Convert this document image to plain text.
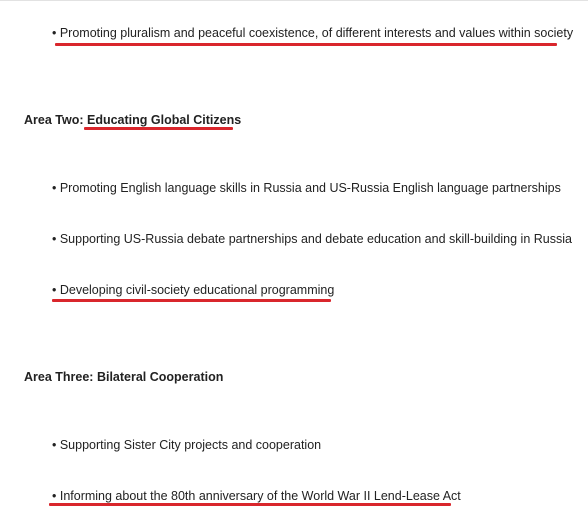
• Promoting pluralism and peaceful coexistence, of different interests and values within society
Area Two: Educating Global Citizens
• Promoting English language skills in Russia and US-Russia English language partnerships
• Supporting US-Russia debate partnerships and debate education and skill-building in Russia
• Developing civil-society educational programming
Area Three: Bilateral Cooperation
• Supporting Sister City projects and cooperation
• Informing about the 80th anniversary of the World War II Lend-Lease Act
